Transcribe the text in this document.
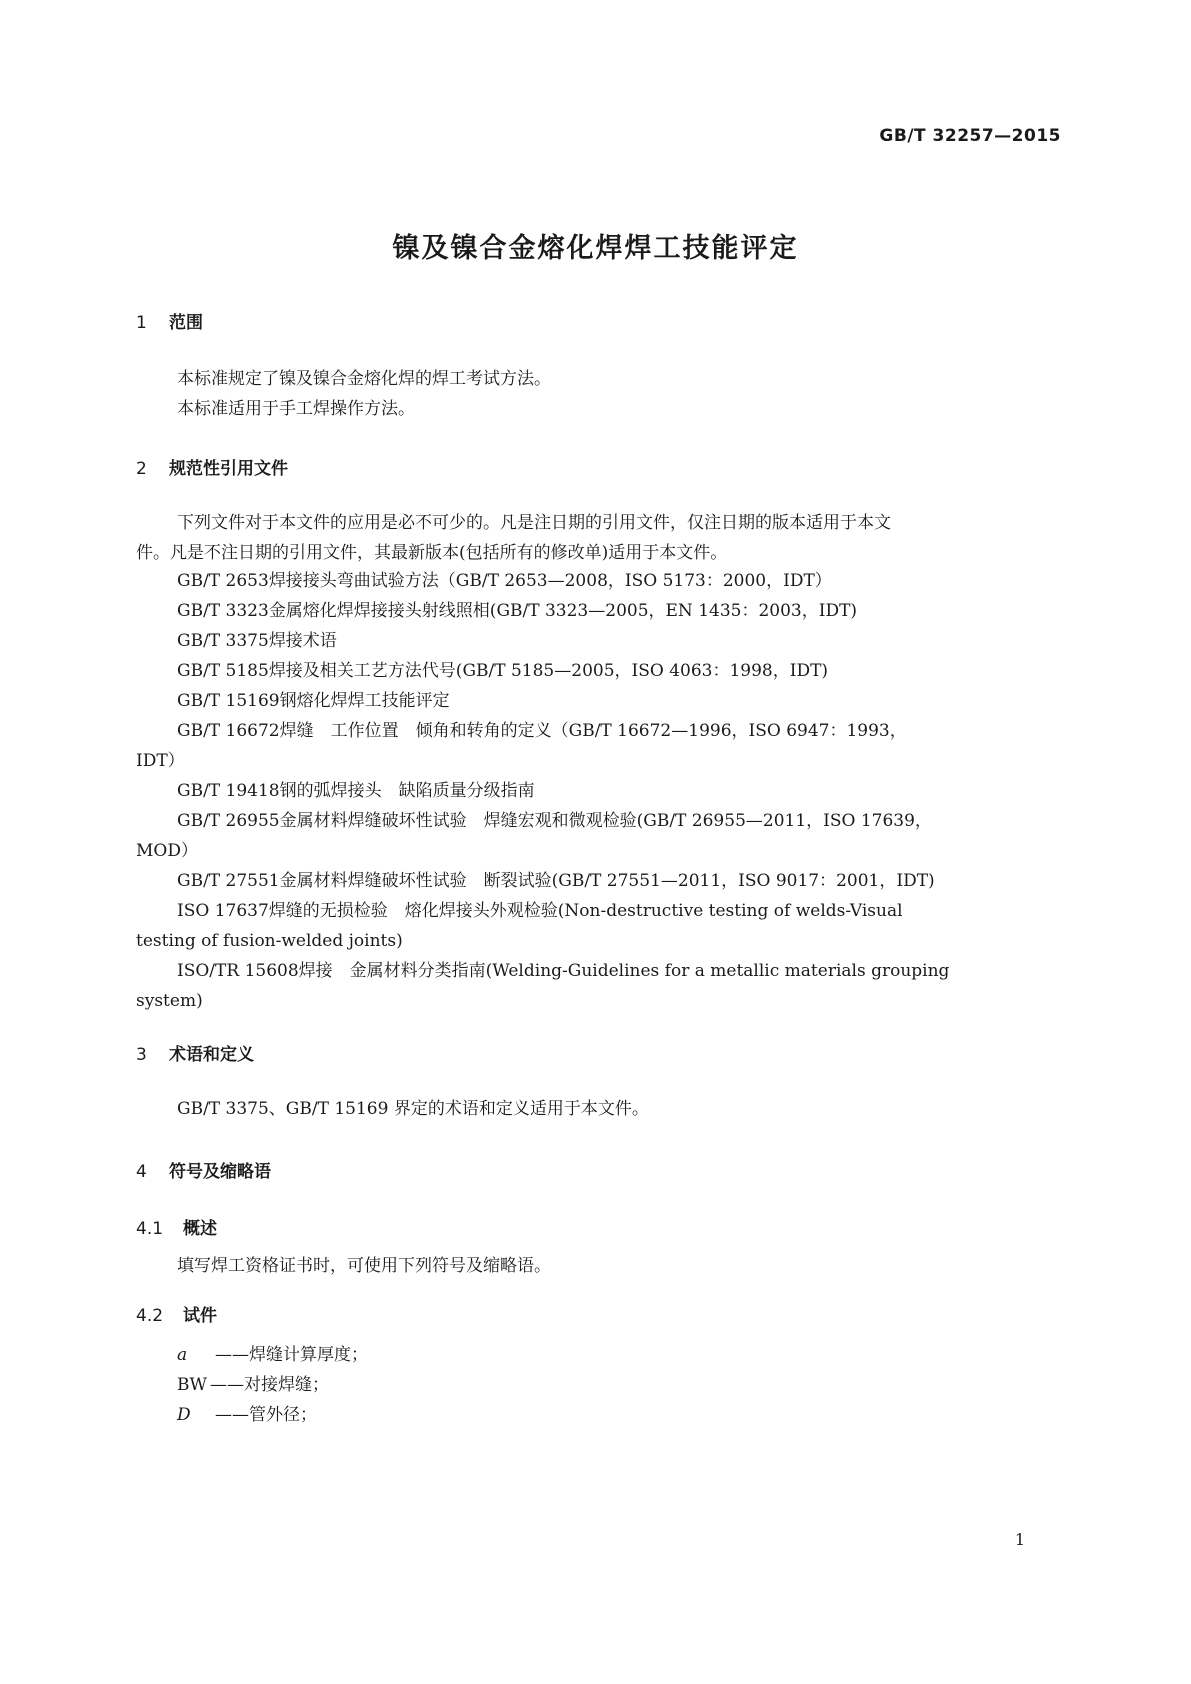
GB/T 32257—2015
镍及镍合金熔化焊焊工技能评定
1 范围
本标准规定了镍及镍合金熔化焊的焊工考试方法。
本标准适用于手工焊操作方法。
2 规范性引用文件
下列文件对于本文件的应用是必不可少的。凡是注日期的引用文件，仅注日期的版本适用于本文
件。凡是不注日期的引用文件，其最新版本(包括所有的修改单)适用于本文件。
GB/T 2653焊接接头弯曲试验方法（GB/T 2653—2008，ISO 5173：2000，IDT）
GB/T 3323金属熔化焊焊接接头射线照相(GB/T 3323—2005，EN 1435：2003，IDT)
GB/T 3375焊接术语
GB/T 5185焊接及相关工艺方法代号(GB/T 5185—2005，ISO 4063：1998，IDT)
GB/T 15169钢熔化焊焊工技能评定
GB/T 16672焊缝　工作位置　倾角和转角的定义（GB/T 16672—1996，ISO 6947：1993，
IDT）
GB/T 19418钢的弧焊接头　缺陷质量分级指南
GB/T 26955金属材料焊缝破坏性试验　焊缝宏观和微观检验(GB/T 26955—2011，ISO 17639，
MOD）
GB/T 27551金属材料焊缝破坏性试验　断裂试验(GB/T 27551—2011，ISO 9017：2001，IDT)
ISO 17637焊缝的无损检验　熔化焊接头外观检验(Non-destructive testing of welds-Visual
testing of fusion-welded joints)
ISO/TR 15608焊接　金属材料分类指南(Welding-Guidelines for a metallic materials grouping
system)
3 术语和定义
GB/T 3375、GB/T 15169 界定的术语和定义适用于本文件。
4 符号及缩略语
4.1 概述
填写焊工资格证书时，可使用下列符号及缩略语。
4.2 试件
a ——焊缝计算厚度；
BW ——对接焊缝；
D ——管外径；
1
